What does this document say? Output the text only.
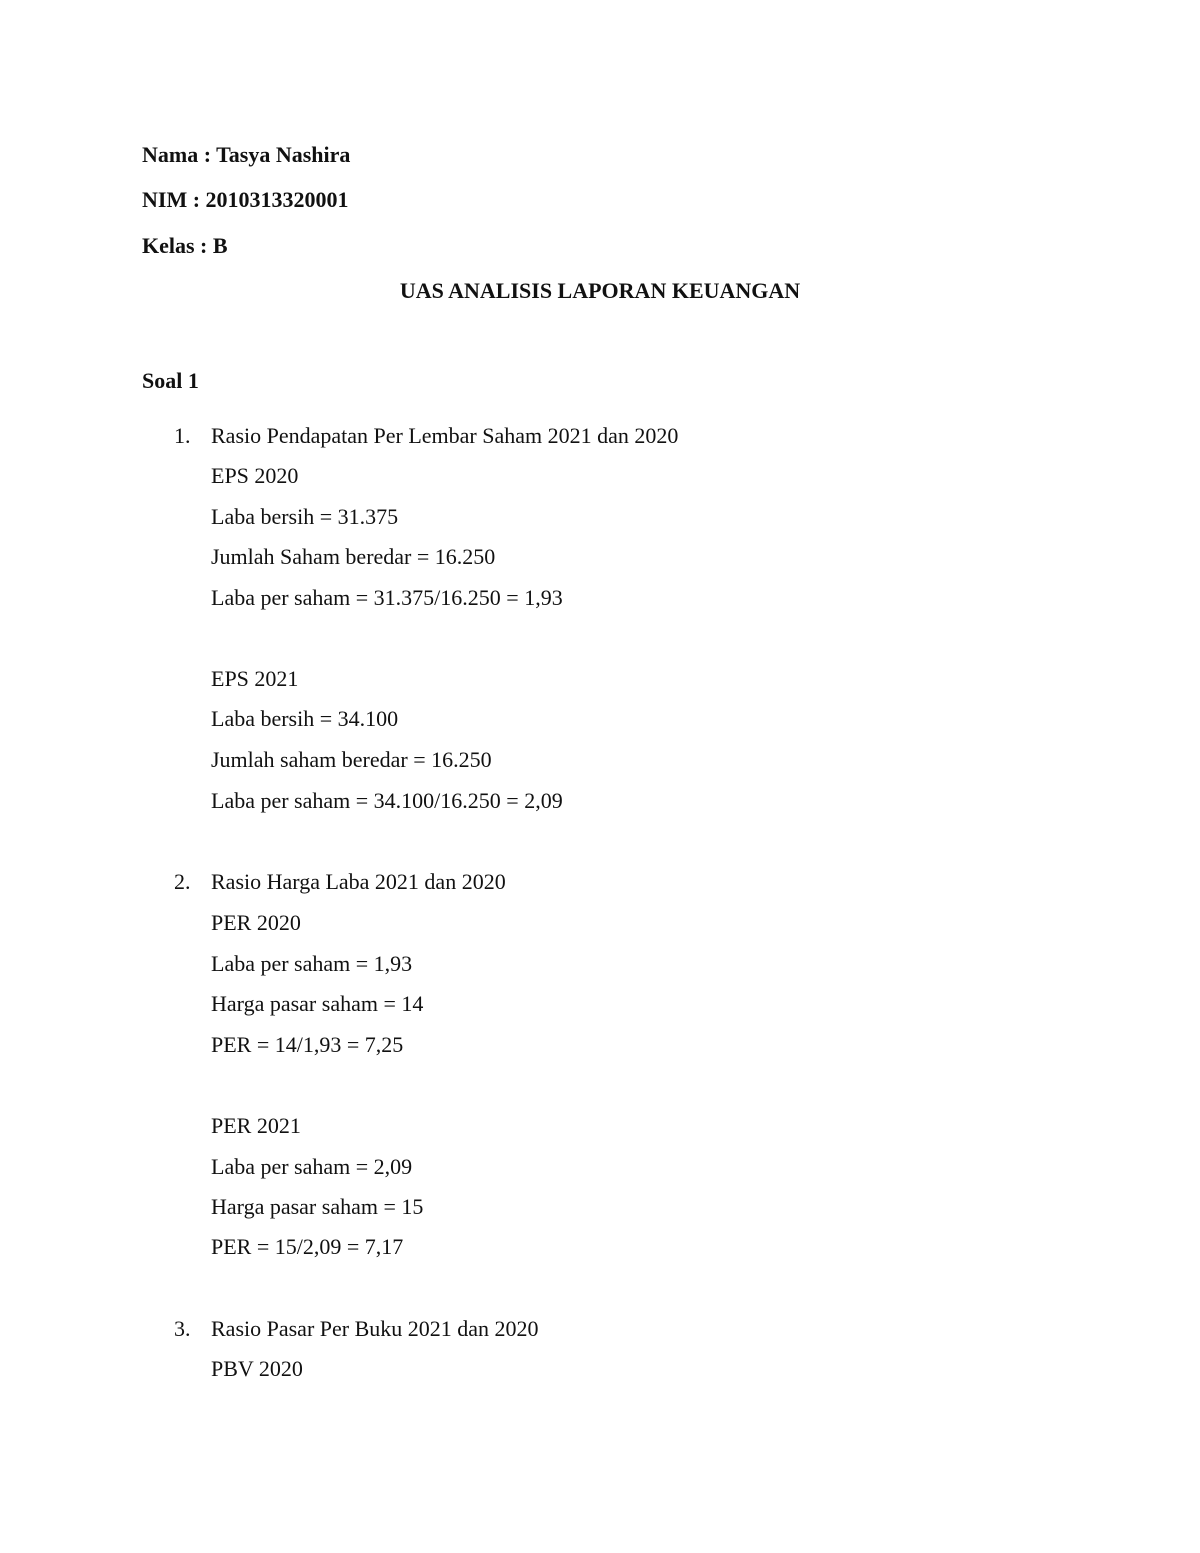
Nama : Tasya Nashira
NIM : 2010313320001
Kelas : B
UAS ANALISIS LAPORAN KEUANGAN
Soal 1
1. Rasio Pendapatan Per Lembar Saham 2021 dan 2020
EPS 2020
Laba bersih = 31.375
Jumlah Saham beredar = 16.250
Laba per saham = 31.375/16.250 = 1,93
EPS 2021
Laba bersih = 34.100
Jumlah saham beredar = 16.250
Laba per saham = 34.100/16.250 = 2,09
2. Rasio Harga Laba 2021 dan 2020
PER 2020
Laba per saham = 1,93
Harga pasar saham = 14
PER = 14/1,93 = 7,25
PER 2021
Laba per saham = 2,09
Harga pasar saham = 15
PER = 15/2,09 = 7,17
3. Rasio Pasar Per Buku 2021 dan 2020
PBV 2020
